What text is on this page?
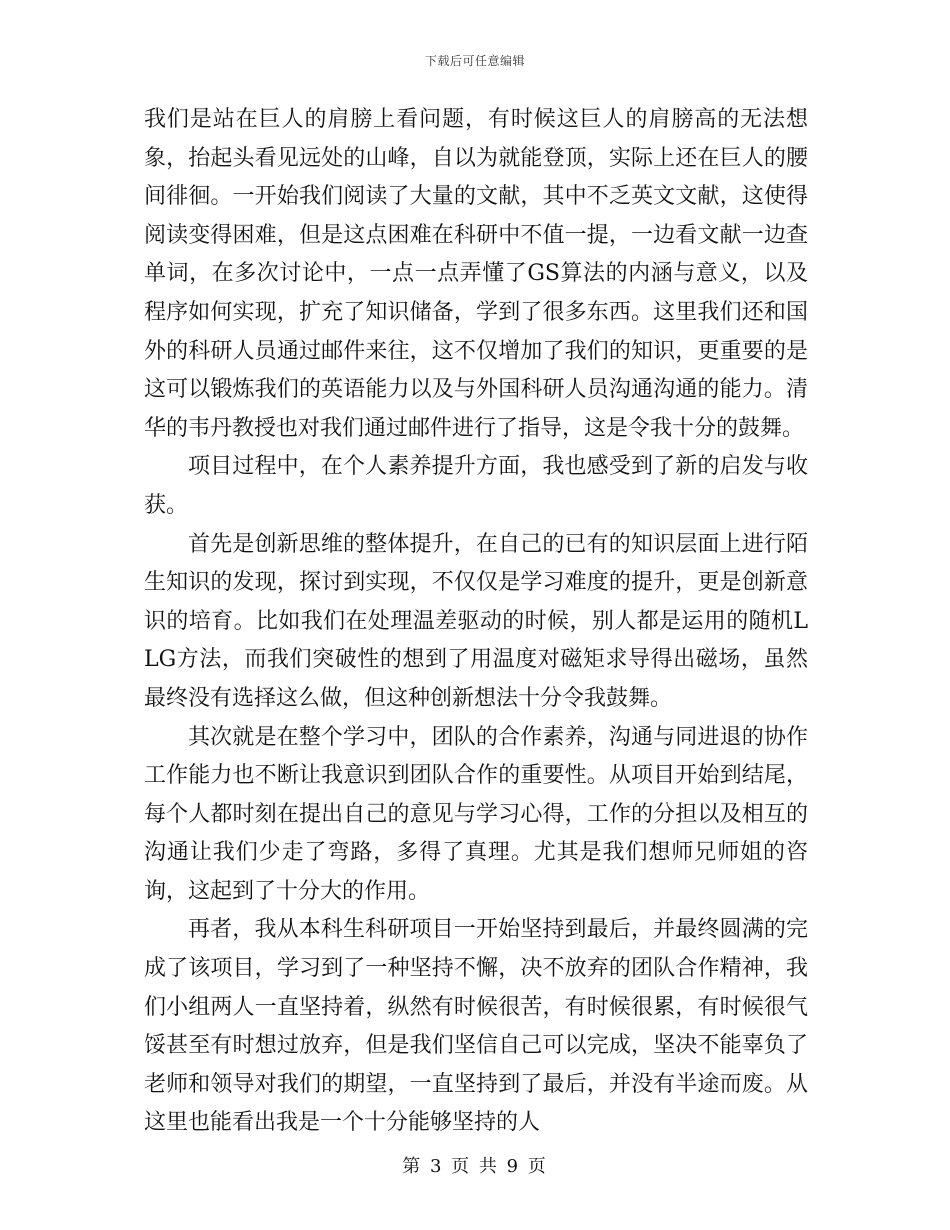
下载后可任意编辑

我们是站在巨人的肩膀上看问题，有时候这巨人的肩膀高的无法想象，抬起头看见远处的山峰，自以为就能登顶，实际上还在巨人的腰间徘徊。一开始我们阅读了大量的文献，其中不乏英文文献，这使得阅读变得困难，但是这点困难在科研中不值一提，一边看文献一边查单词，在多次讨论中，一点一点弄懂了GS算法的内涵与意义，以及程序如何实现，扩充了知识储备，学到了很多东西。这里我们还和国外的科研人员通过邮件来往，这不仅增加了我们的知识，更重要的是这可以锻炼我们的英语能力以及与外国科研人员沟通沟通的能力。清华的韦丹教授也对我们通过邮件进行了指导，这是令我十分的鼓舞。

项目过程中，在个人素养提升方面，我也感受到了新的启发与收获。

首先是创新思维的整体提升，在自己的已有的知识层面上进行陌生知识的发现，探讨到实现，不仅仅是学习难度的提升，更是创新意识的培育。比如我们在处理温差驱动的时候，别人都是运用的随机LLG方法，而我们突破性的想到了用温度对磁矩求导得出磁场，虽然最终没有选择这么做，但这种创新想法十分令我鼓舞。

其次就是在整个学习中，团队的合作素养，沟通与同进退的协作工作能力也不断让我意识到团队合作的重要性。从项目开始到结尾，每个人都时刻在提出自己的意见与学习心得，工作的分担以及相互的沟通让我们少走了弯路，多得了真理。尤其是我们想师兄师姐的咨询，这起到了十分大的作用。

再者，我从本科生科研项目一开始坚持到最后，并最终圆满的完成了该项目，学习到了一种坚持不懈，决不放弃的团队合作精神，我们小组两人一直坚持着，纵然有时候很苦，有时候很累，有时候很气馁甚至有时想过放弃，但是我们坚信自己可以完成，坚决不能辜负了老师和领导对我们的期望，一直坚持到了最后，并没有半途而废。从这里也能看出我是一个十分能够坚持的人

第 3 页 共 9 页
